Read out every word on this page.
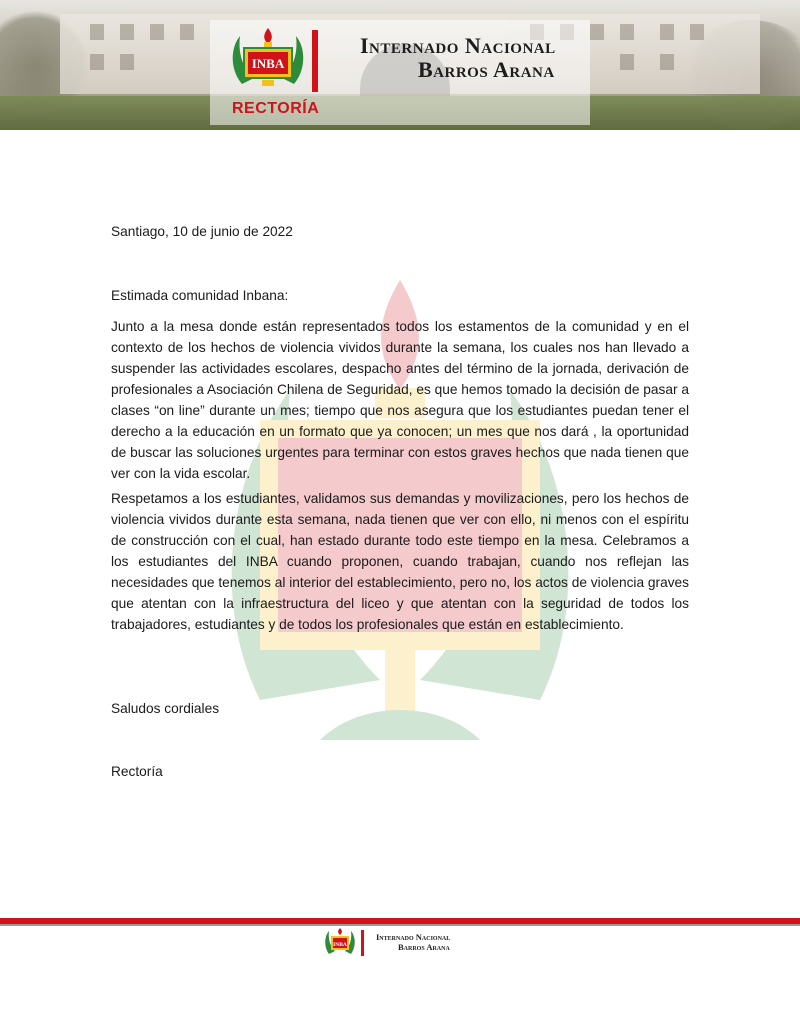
INBA
Internado Nacional
Barros Arana
RECTORÍA
Santiago, 10 de junio de 2022
Estimada comunidad Inbana:

Junto a la mesa donde están representados todos los estamentos de la comunidad y en el contexto de los hechos de violencia vividos durante la semana, los cuales nos han llevado a suspender las actividades escolares, despacho antes del término de la jornada, derivación de profesionales a Asociación Chilena de Seguridad, es que hemos tomado la decisión de pasar a clases “on line” durante un mes; tiempo que nos asegura que los estudiantes puedan tener el derecho a la educación en un formato que ya conocen; un mes que nos dará , la oportunidad de buscar las soluciones urgentes para terminar con estos graves hechos que nada tienen que ver con la vida escolar.

Respetamos a los estudiantes, validamos sus demandas y movilizaciones, pero los hechos de violencia vividos durante esta semana, nada tienen que ver con ello, ni menos con el espíritu de construcción con el cual, han estado durante todo este tiempo en la mesa. Celebramos a los estudiantes del INBA cuando proponen, cuando trabajan, cuando nos reflejan las necesidades que tenemos al interior del establecimiento, pero no, los actos de violencia graves que atentan con la infraestructura del liceo y que atentan con la seguridad de todos los trabajadores, estudiantes y de todos los profesionales que están en establecimiento.

Saludos cordiales
Rectoría
INBA
Internado Nacional
Barros Arana
